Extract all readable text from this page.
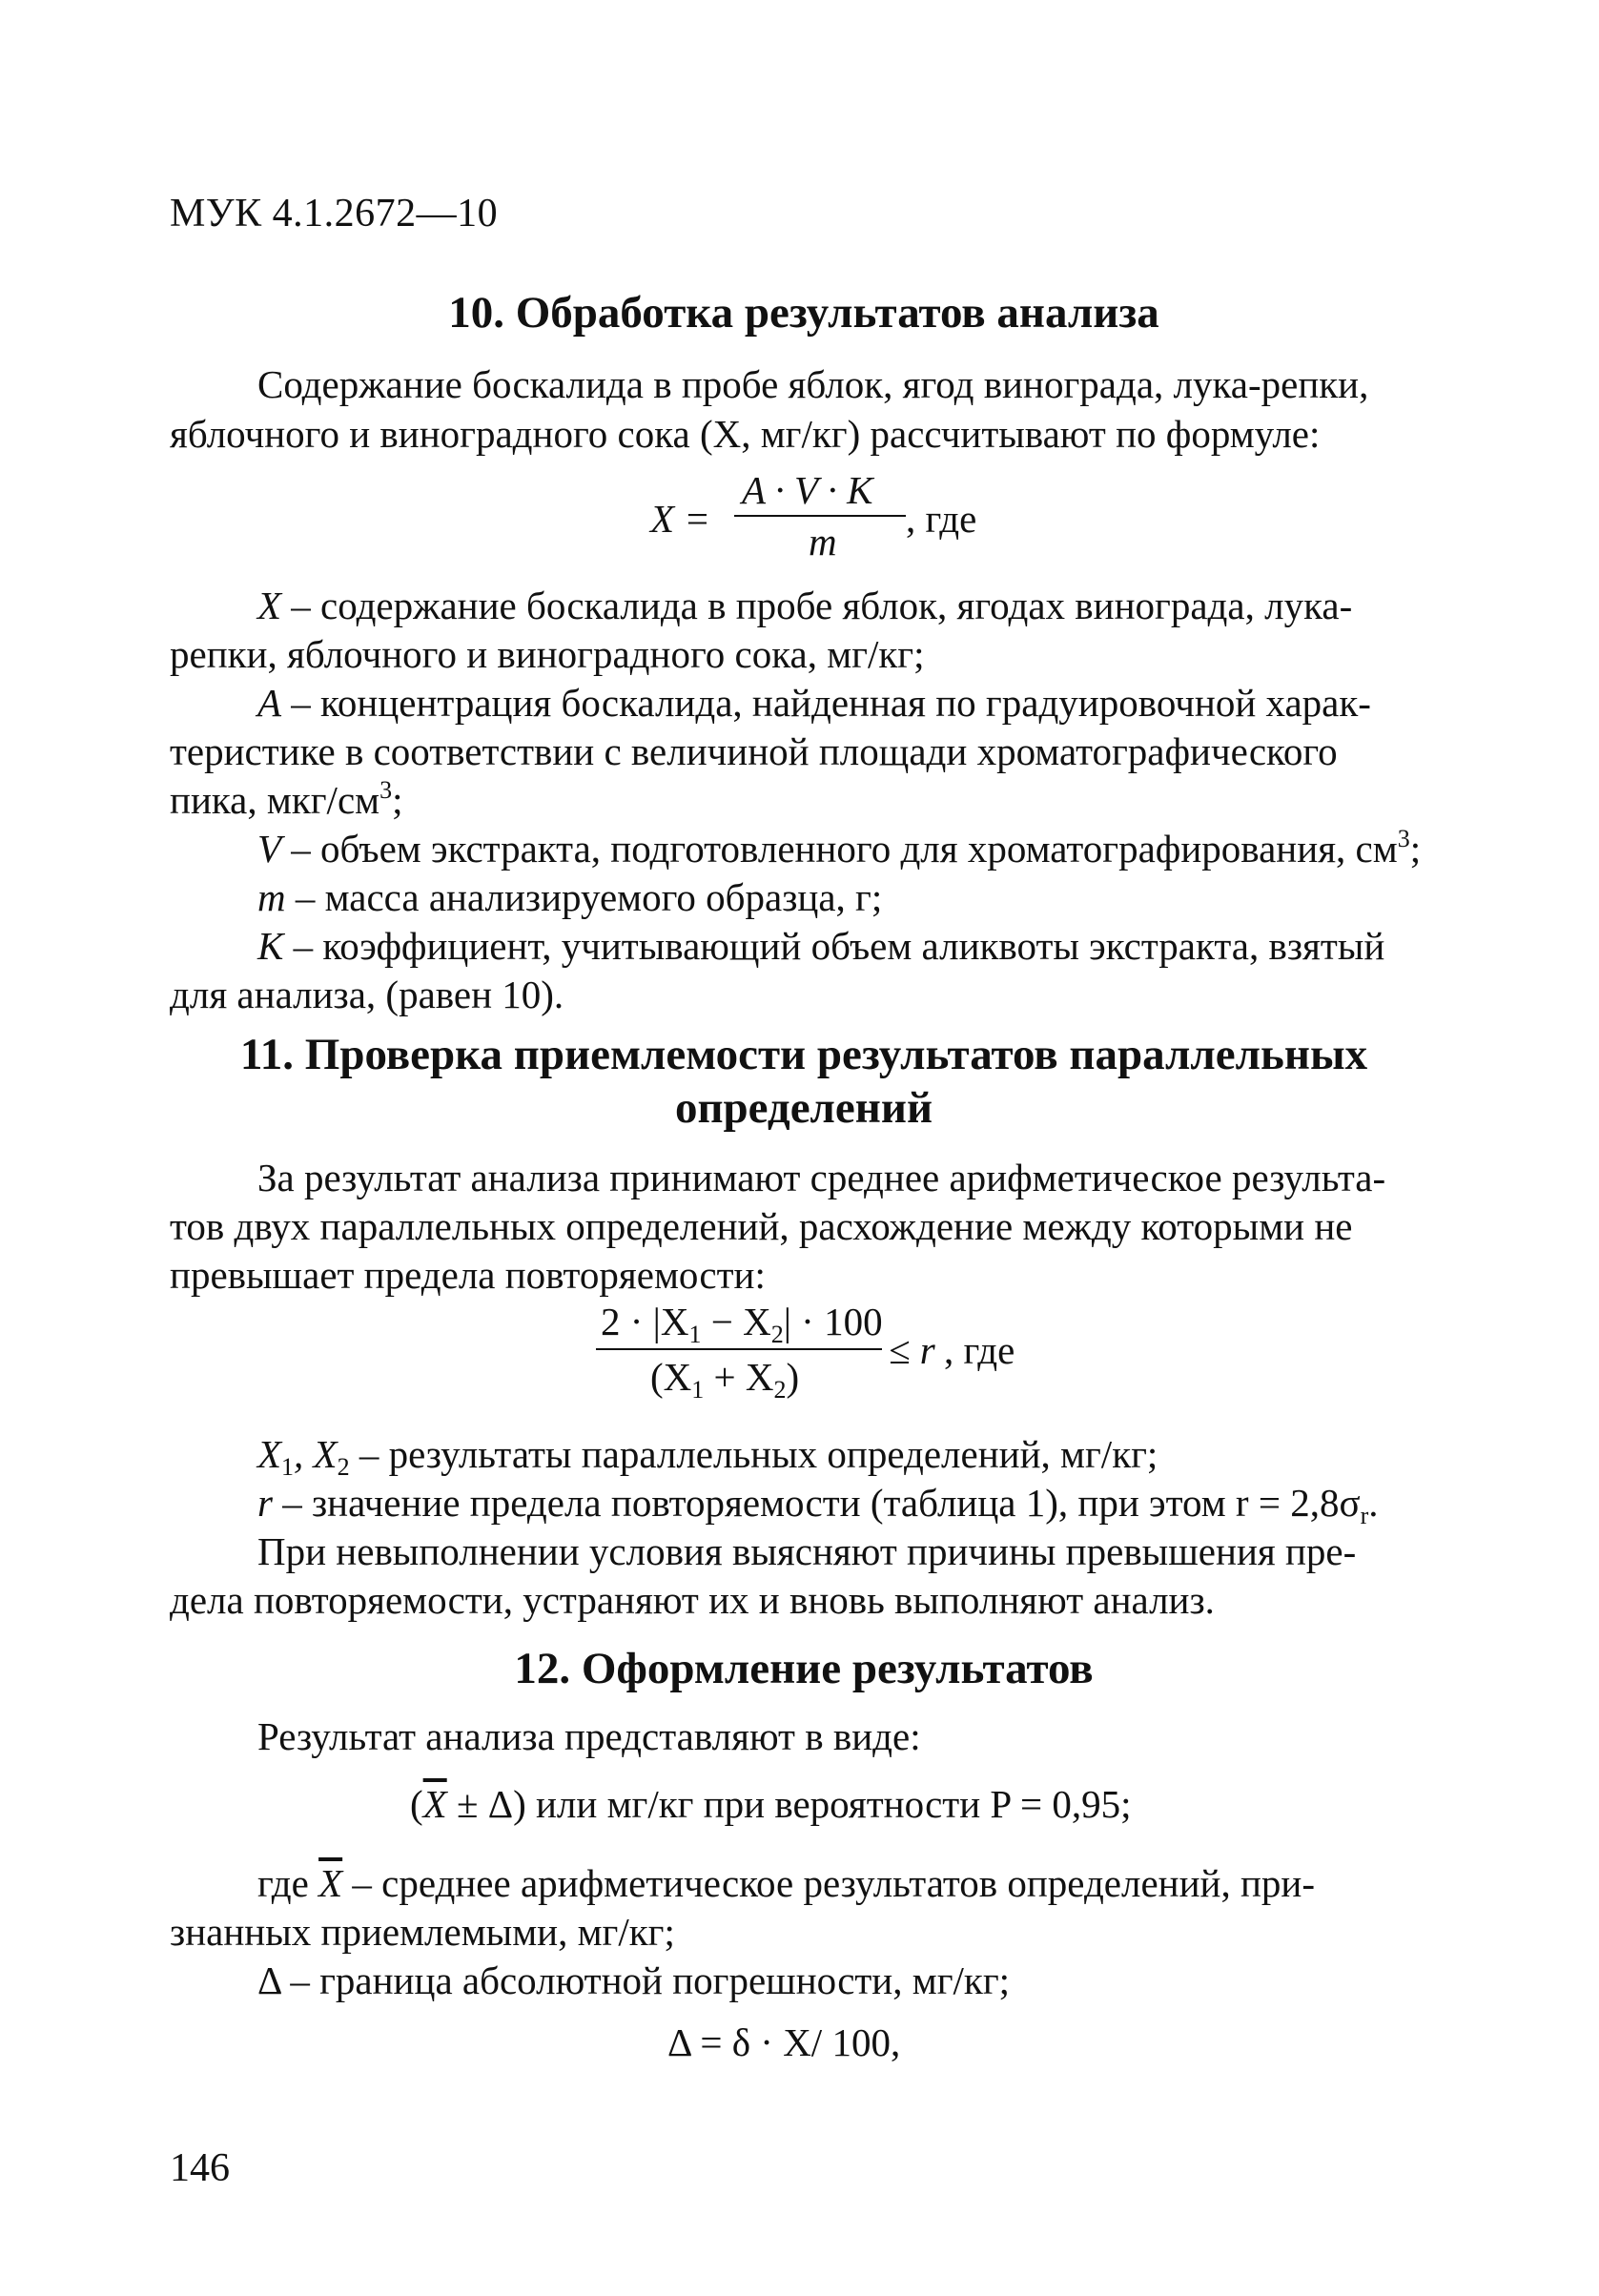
МУК 4.1.2672—10
10. Обработка результатов анализа
Содержание боскалида в пробе яблок, ягод винограда, лука-репки,
яблочного и виноградного сока (X, мг/кг) рассчитывают по формуле:
X =
A · V · K
m
, где
X – содержание боскалида в пробе яблок, ягодах винограда, лука-
репки, яблочного и виноградного сока, мг/кг;
A – концентрация боскалида, найденная по градуировочной харак-
теристике в соответствии с величиной площади хроматографического
пика, мкг/$см^3$;
V – объем экстракта, подготовленного для хроматографирования, $см^3$;
m – масса анализируемого образца, г;
K – коэффициент, учитывающий объем аликвоты экстракта, взятый
для анализа, (равен 10).
11. Проверка приемлемости результатов параллельных
определений
За результат анализа принимают среднее арифметическое результа-
тов двух параллельных определений, расхождение между которыми не
превышает предела повторяемости:
$2 \cdot |X_1 - X_2| \cdot 100$
$(X_1 + X_2)$
≤ r , где
$X_1$, $X_2$ – результаты параллельных определений, мг/кг;
r – значение предела повторяемости (таблица 1), при этом $r = 2,8\sigma_r$.
При невыполнении условия выясняют причины превышения пре-
дела повторяемости, устраняют их и вновь выполняют анализ.
12. Оформление результатов
Результат анализа представляют в виде:
$(\overline{X} \pm \Delta)$ или мг/кг при вероятности P = 0,95;
где $\overline{X}$ – среднее арифметическое результатов определений, при-
знанных приемлемыми, мг/кг;
Δ – граница абсолютной погрешности, мг/кг;
Δ = δ · X/ 100,
146
